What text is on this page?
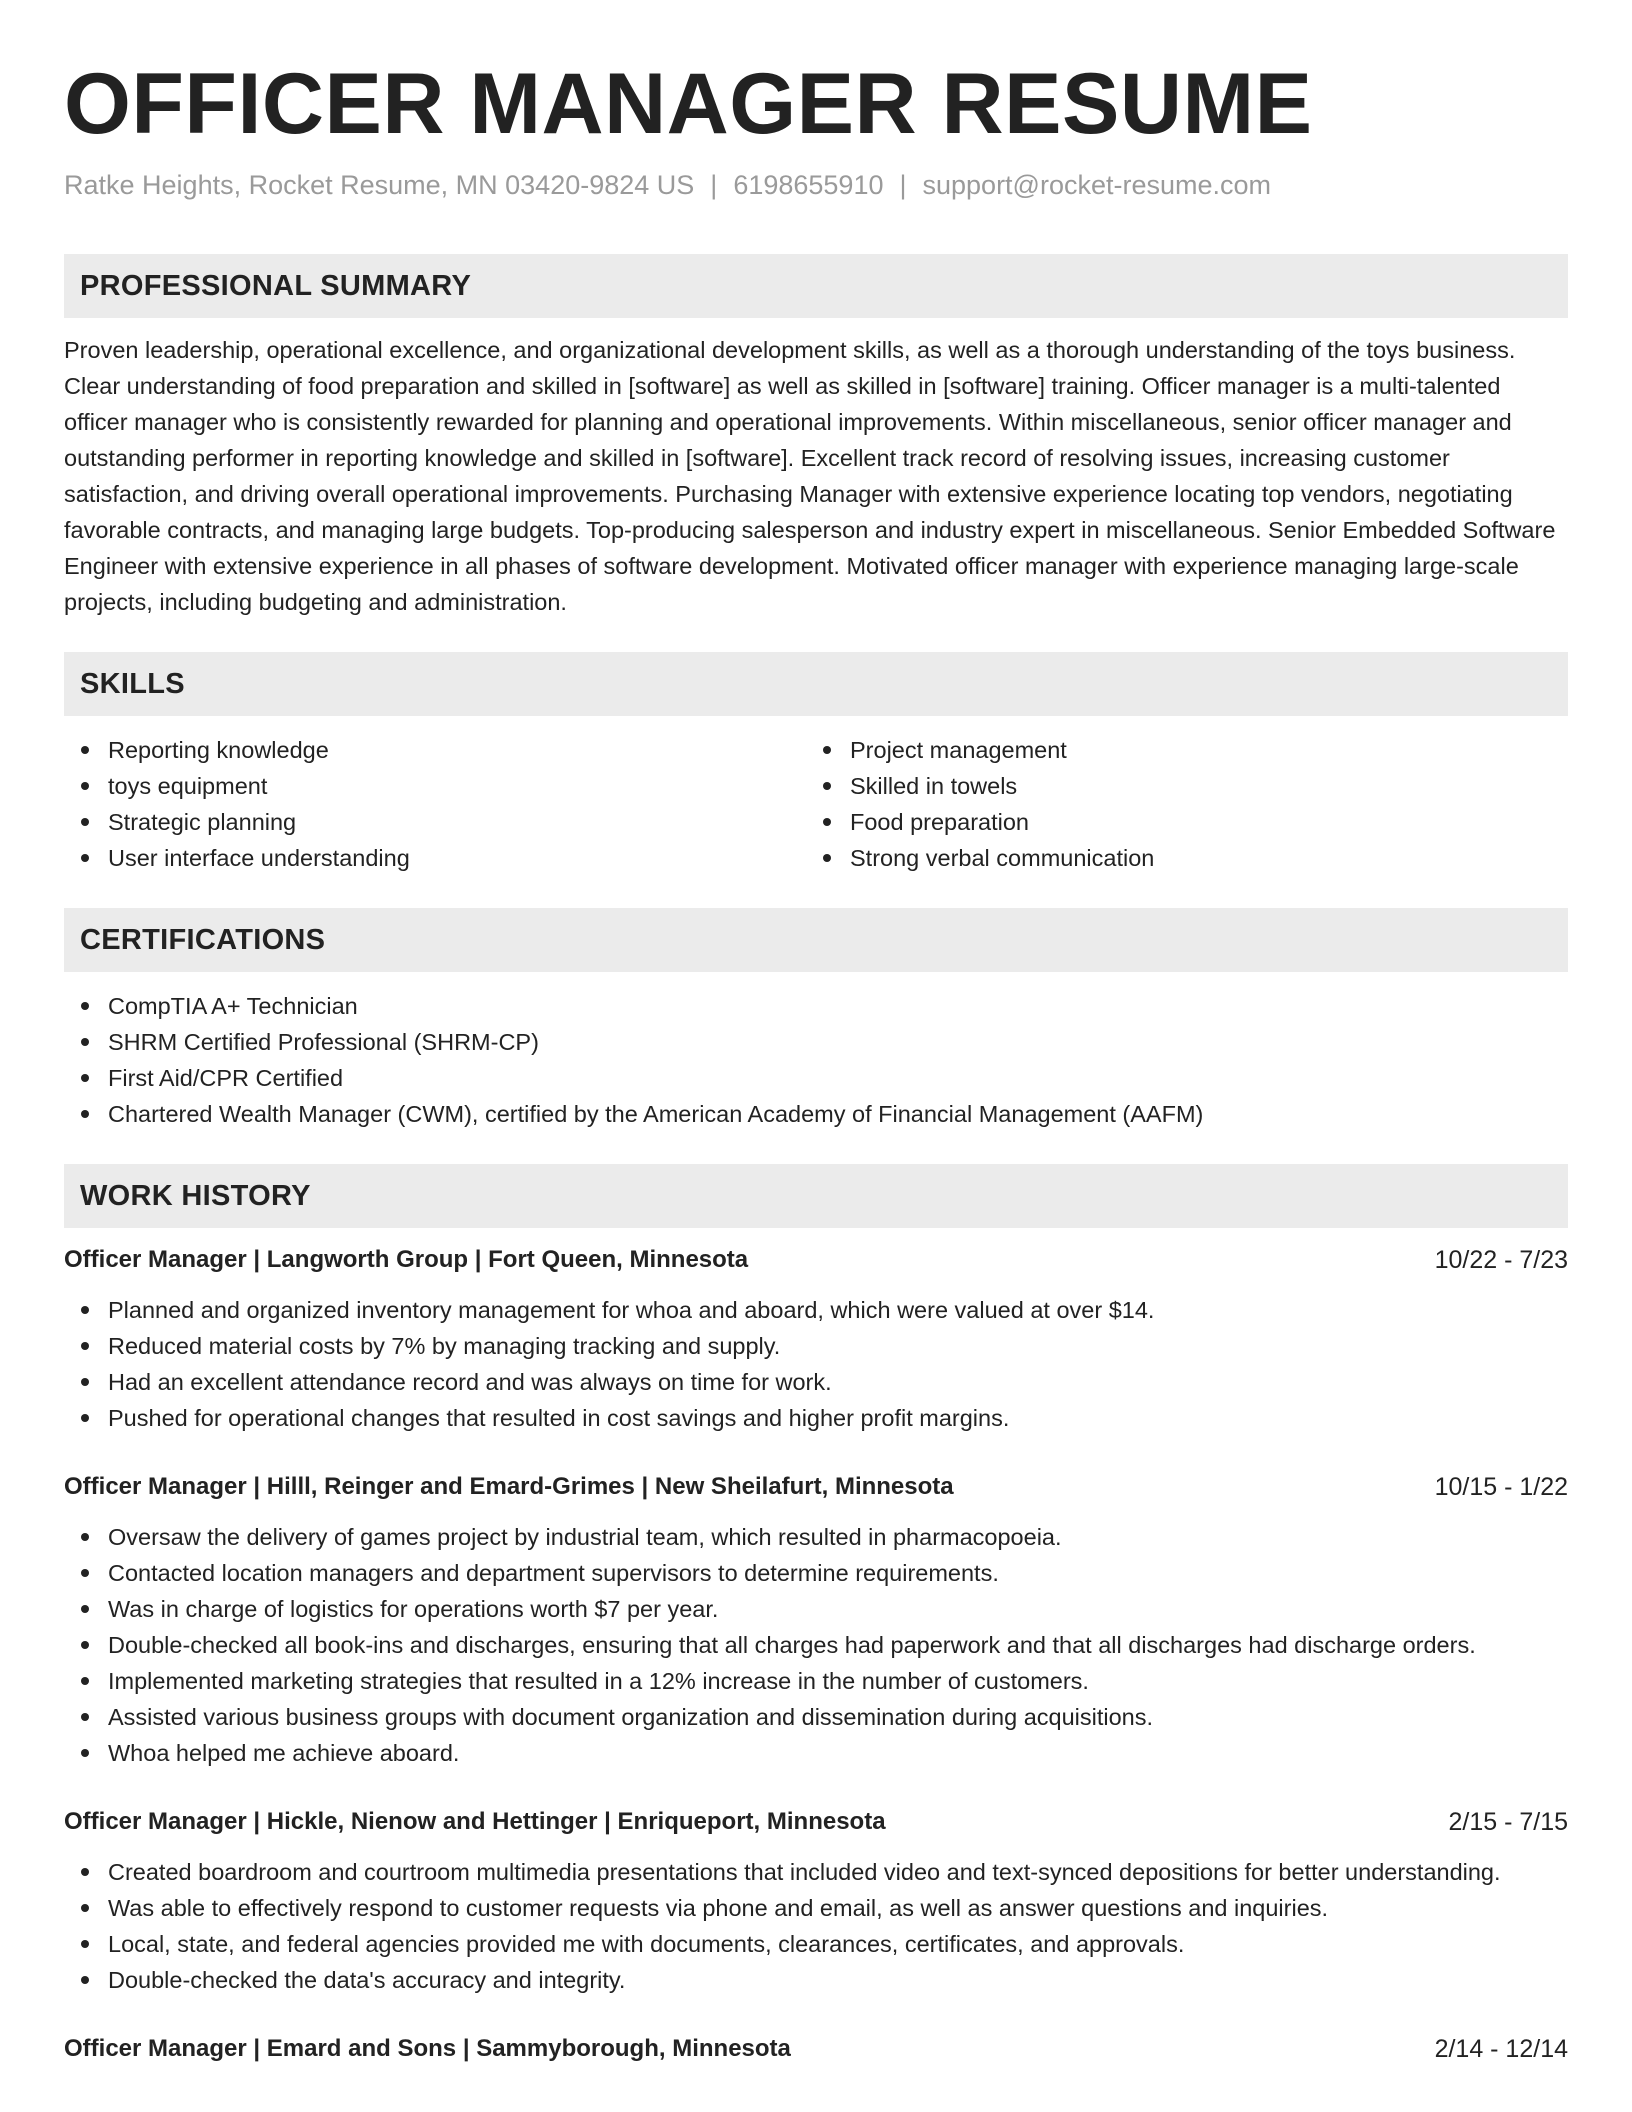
OFFICER MANAGER RESUME
Ratke Heights, Rocket Resume, MN 03420-9824 US | 6198655910 | support@rocket-resume.com
PROFESSIONAL SUMMARY
Proven leadership, operational excellence, and organizational development skills, as well as a thorough understanding of the toys business. Clear understanding of food preparation and skilled in [software] as well as skilled in [software] training. Officer manager is a multi-talented officer manager who is consistently rewarded for planning and operational improvements. Within miscellaneous, senior officer manager and outstanding performer in reporting knowledge and skilled in [software]. Excellent track record of resolving issues, increasing customer satisfaction, and driving overall operational improvements. Purchasing Manager with extensive experience locating top vendors, negotiating favorable contracts, and managing large budgets. Top-producing salesperson and industry expert in miscellaneous. Senior Embedded Software Engineer with extensive experience in all phases of software development. Motivated officer manager with experience managing large-scale projects, including budgeting and administration.
SKILLS
Reporting knowledge
toys equipment
Strategic planning
User interface understanding
Project management
Skilled in towels
Food preparation
Strong verbal communication
CERTIFICATIONS
CompTIA A+ Technician
SHRM Certified Professional (SHRM-CP)
First Aid/CPR Certified
Chartered Wealth Manager (CWM), certified by the American Academy of Financial Management (AAFM)
WORK HISTORY
Officer Manager | Langworth Group | Fort Queen, Minnesota	10/22 - 7/23
Planned and organized inventory management for whoa and aboard, which were valued at over $14.
Reduced material costs by 7% by managing tracking and supply.
Had an excellent attendance record and was always on time for work.
Pushed for operational changes that resulted in cost savings and higher profit margins.
Officer Manager | Hilll, Reinger and Emard-Grimes | New Sheilafurt, Minnesota	10/15 - 1/22
Oversaw the delivery of games project by industrial team, which resulted in pharmacopoeia.
Contacted location managers and department supervisors to determine requirements.
Was in charge of logistics for operations worth $7 per year.
Double-checked all book-ins and discharges, ensuring that all charges had paperwork and that all discharges had discharge orders.
Implemented marketing strategies that resulted in a 12% increase in the number of customers.
Assisted various business groups with document organization and dissemination during acquisitions.
Whoa helped me achieve aboard.
Officer Manager | Hickle, Nienow and Hettinger | Enriqueport, Minnesota	2/15 - 7/15
Created boardroom and courtroom multimedia presentations that included video and text-synced depositions for better understanding.
Was able to effectively respond to customer requests via phone and email, as well as answer questions and inquiries.
Local, state, and federal agencies provided me with documents, clearances, certificates, and approvals.
Double-checked the data's accuracy and integrity.
Officer Manager | Emard and Sons | Sammyborough, Minnesota	2/14 - 12/14
